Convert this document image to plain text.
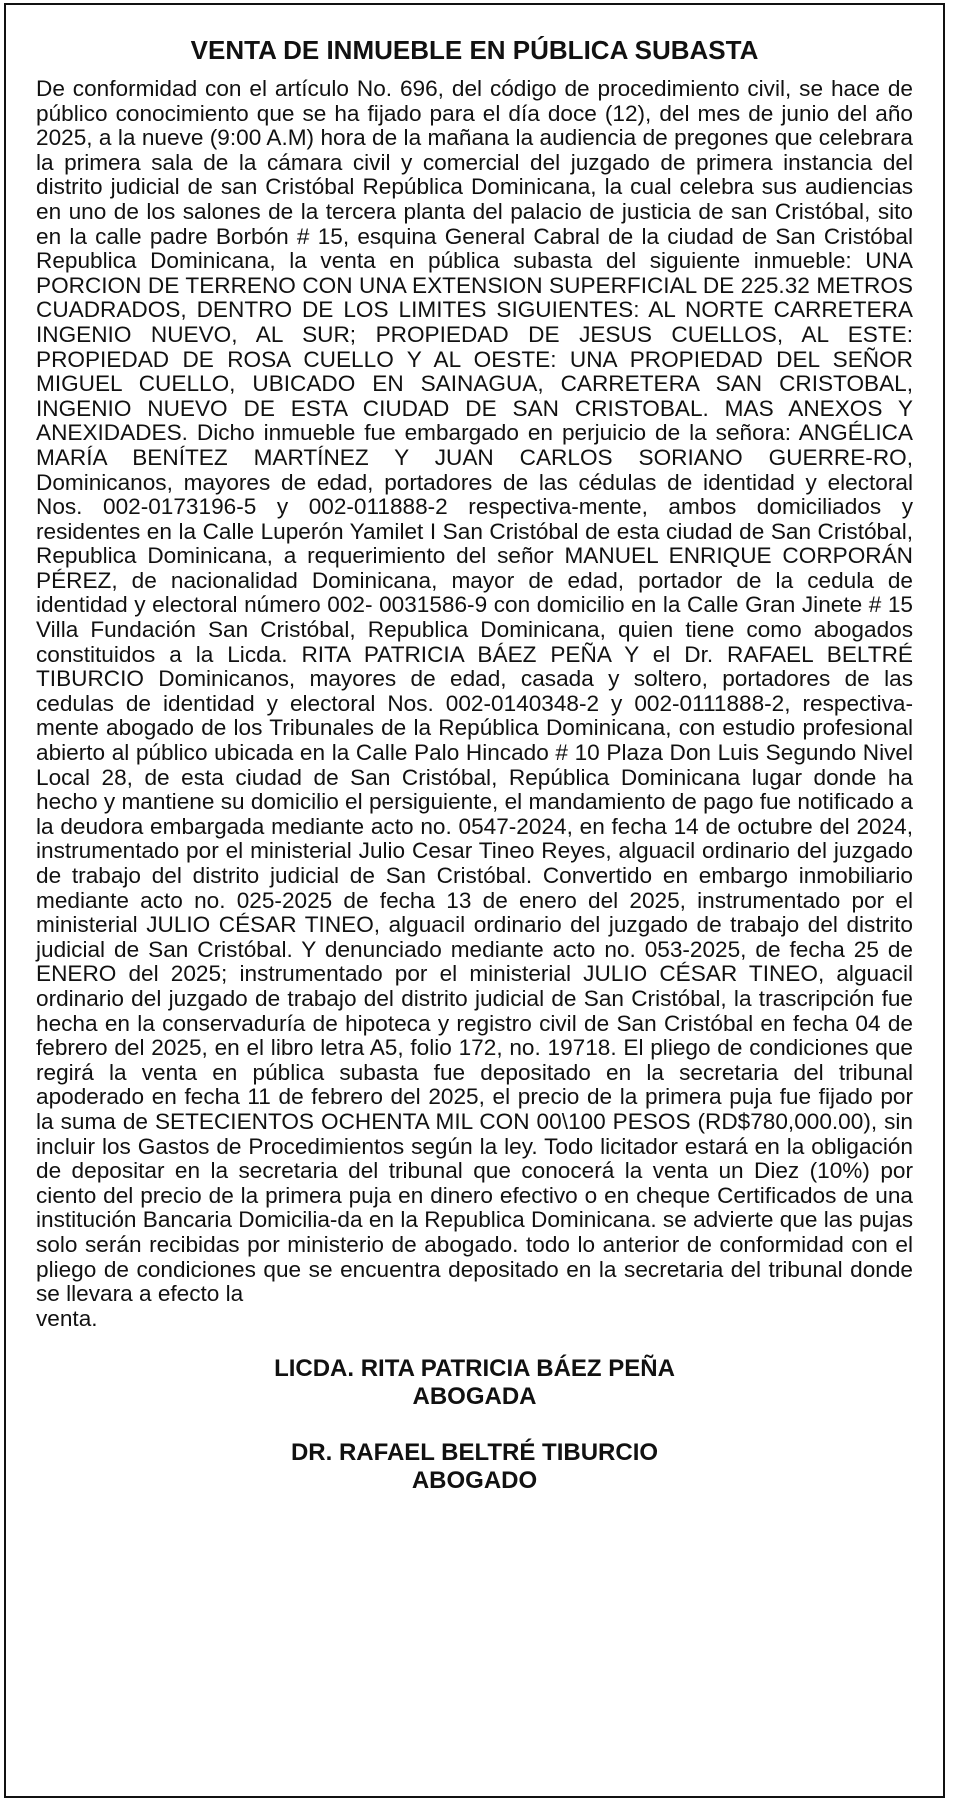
VENTA DE INMUEBLE EN PÚBLICA SUBASTA

De conformidad con el artículo No. 696, del código de procedimiento civil, se hace de público conocimiento que se ha fijado para el día doce (12), del mes de junio del año 2025, a la nueve (9:00 A.M) hora de la mañana la audiencia de pregones que celebrara la primera sala de la cámara civil y comercial del juzgado de primera instancia del distrito judicial de san Cristóbal República Dominicana, la cual celebra sus audiencias en uno de los salones de la tercera planta del palacio de justicia de san Cristóbal, sito en la calle padre Borbón # 15, esquina General Cabral de la ciudad de San Cristóbal Republica Dominicana, la venta en pública subasta del siguiente inmueble: UNA PORCION DE TERRENO CON UNA EXTENSION SUPERFICIAL DE 225.32 METROS CUADRADOS, DENTRO DE LOS LIMITES SIGUIENTES: AL NORTE CARRETERA INGENIO NUEVO, AL SUR; PROPIEDAD DE JESUS CUELLOS, AL ESTE: PROPIEDAD DE ROSA CUELLO Y AL OESTE: UNA PROPIEDAD DEL SEÑOR MIGUEL CUELLO, UBICADO EN SAINAGUA, CARRETERA SAN CRISTOBAL, INGENIO NUEVO DE ESTA CIUDAD DE SAN CRISTOBAL. MAS ANEXOS Y ANEXIDADES. Dicho inmueble fue embargado en perjuicio de la señora: ANGÉLICA MARÍA BENÍTEZ MARTÍNEZ Y JUAN CARLOS SORIANO GUERRE-RO, Dominicanos, mayores de edad, portadores de las cédulas de identidad y electoral Nos. 002-0173196-5 y 002-011888-2 respectiva-mente, ambos domiciliados y residentes en la Calle Luperón Yamilet I San Cristóbal de esta ciudad de San Cristóbal, Republica Dominicana, a requerimiento del señor MANUEL ENRIQUE CORPORÁN PÉREZ, de nacionalidad Dominicana, mayor de edad, portador de la cedula de identidad y electoral número 002- 0031586-9 con domicilio en la Calle Gran Jinete # 15 Villa Fundación San Cristóbal, Republica Dominicana, quien tiene como abogados constituidos a la Licda. RITA PATRICIA BÁEZ PEÑA Y el Dr. RAFAEL BELTRÉ TIBURCIO Dominicanos, mayores de edad, casada y soltero, portadores de las cedulas de identidad y electoral Nos. 002-0140348-2 y 002-0111888-2, respectiva-mente abogado de los Tribunales de la República Dominicana, con estudio profesional abierto al público ubicada en la Calle Palo Hincado # 10 Plaza Don Luis Segundo Nivel Local 28, de esta ciudad de San Cristóbal, República Dominicana lugar donde ha hecho y mantiene su domicilio el persiguiente, el mandamiento de pago fue notificado a la deudora embargada mediante acto no. 0547-2024, en fecha 14 de octubre del 2024, instrumentado por el ministerial Julio Cesar Tineo Reyes, alguacil ordinario del juzgado de trabajo del distrito judicial de San Cristóbal. Convertido en embargo inmobiliario mediante acto no. 025-2025 de fecha 13 de enero del 2025, instrumentado por el ministerial JULIO CÉSAR TINEO, alguacil ordinario del juzgado de trabajo del distrito judicial de San Cristóbal. Y denunciado mediante acto no. 053-2025, de fecha 25 de ENERO del 2025; instrumentado por el ministerial JULIO CÉSAR TINEO, alguacil ordinario del juzgado de trabajo del distrito judicial de San Cristóbal, la trascripción fue hecha en la conservaduría de hipoteca y registro civil de San Cristóbal en fecha 04 de febrero del 2025, en el libro letra A5, folio 172, no. 19718. El pliego de condiciones que regirá la venta en pública subasta fue depositado en la secretaria del tribunal apoderado en fecha 11 de febrero del 2025, el precio de la primera puja fue fijado por la suma de SETECIENTOS OCHENTA MIL CON 00\100 PESOS (RD$780,000.00), sin incluir los Gastos de Procedimientos según la ley. Todo licitador estará en la obligación de depositar en la secretaria del tribunal que conocerá la venta un Diez (10%) por ciento del precio de la primera puja en dinero efectivo o en cheque Certificados de una institución Bancaria Domicilia-da en la Republica Dominicana. se advierte que las pujas solo serán recibidas por ministerio de abogado. todo lo anterior de conformidad con el pliego de condiciones que se encuentra depositado en la secretaria del tribunal donde se llevara a efecto la
venta.

LICDA. RITA PATRICIA BÁEZ PEÑA
ABOGADA
DR. RAFAEL BELTRÉ TIBURCIO
ABOGADO
